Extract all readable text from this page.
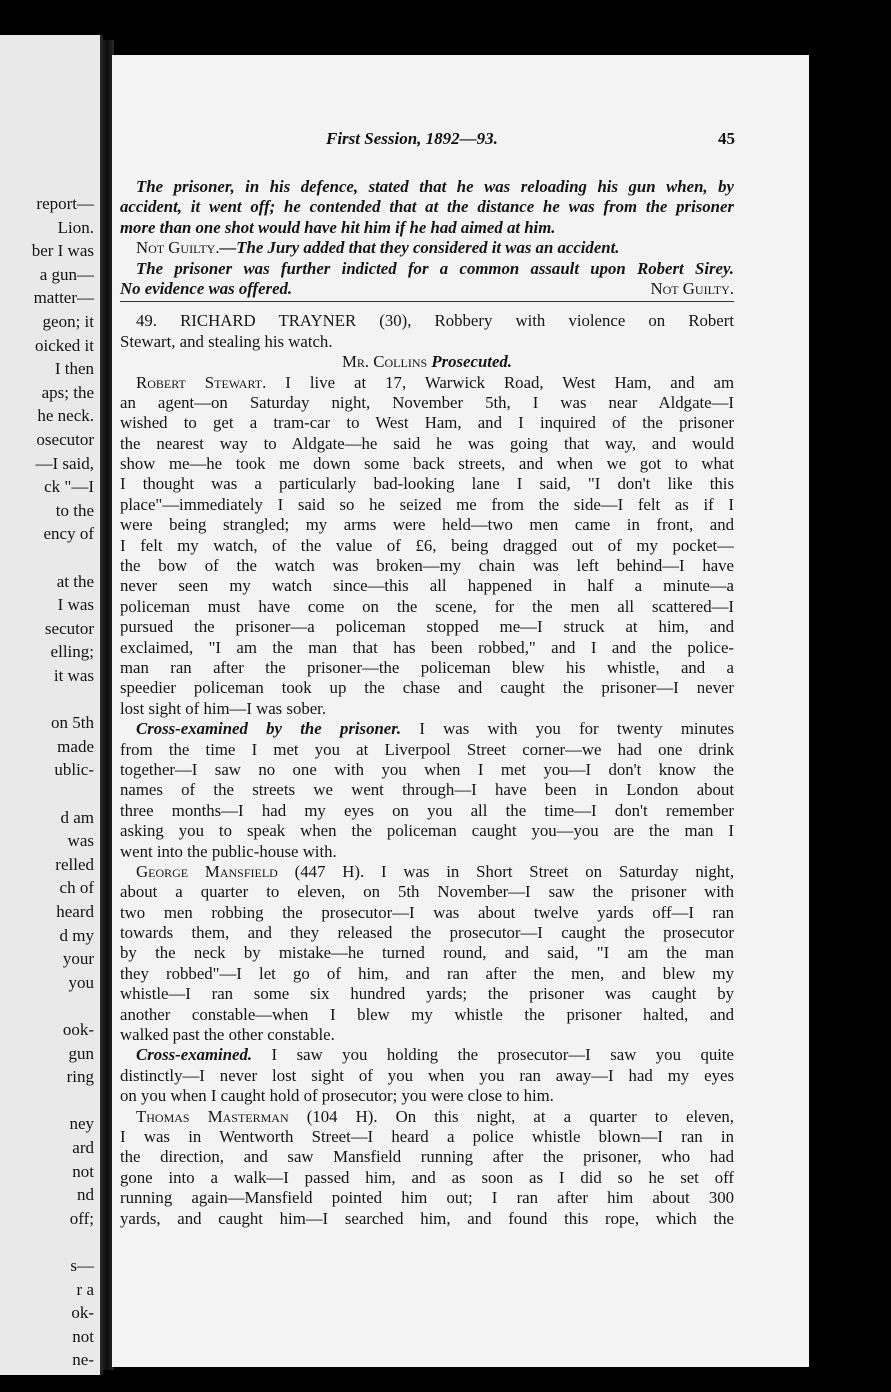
report—
Lion.
ber I was
a gun—
matter—
geon; it
oicked it
I then
aps; the
he neck.
osecutor
—I said,
ck "—I
to the
ency of
at the
I was
secutor
elling;
it was
on 5th
made
ublic-
d am
was
relled
ch of
heard
d my
your
you
ook-
gun
ring
ney
ard
not
nd
off;
s—
r a
ok-
not
ne-
First Session, 1892—93.	45
The prisoner, in his defence, stated that he was reloading his gun when, by
accident, it went off; he contended that at the distance he was from the prisoner
more than one shot would have hit him if he had aimed at him.
Not Guilty.—The Jury added that they considered it was an accident.
The prisoner was further indicted for a common assault upon Robert Sirey.
No evidence was offered.	Not Guilty.
49. RICHARD TRAYNER (30), Robbery with violence on Robert
Stewart, and stealing his watch.
Mr. Collins Prosecuted.
Robert Stewart. I live at 17, Warwick Road, West Ham, and am
an agent—on Saturday night, November 5th, I was near Aldgate—I
wished to get a tram-car to West Ham, and I inquired of the prisoner
the nearest way to Aldgate—he said he was going that way, and would
show me—he took me down some back streets, and when we got to what
I thought was a particularly bad-looking lane I said, "I don't like this
place"—immediately I said so he seized me from the side—I felt as if I
were being strangled; my arms were held—two men came in front, and
I felt my watch, of the value of £6, being dragged out of my pocket—
the bow of the watch was broken—my chain was left behind—I have
never seen my watch since—this all happened in half a minute—a
policeman must have come on the scene, for the men all scattered—I
pursued the prisoner—a policeman stopped me—I struck at him, and
exclaimed, "I am the man that has been robbed," and I and the police-
man ran after the prisoner—the policeman blew his whistle, and a
speedier policeman took up the chase and caught the prisoner—I never
lost sight of him—I was sober.
Cross-examined by the prisoner. I was with you for twenty minutes
from the time I met you at Liverpool Street corner—we had one drink
together—I saw no one with you when I met you—I don't know the
names of the streets we went through—I have been in London about
three months—I had my eyes on you all the time—I don't remember
asking you to speak when the policeman caught you—you are the man I
went into the public-house with.
George Mansfield (447 H). I was in Short Street on Saturday night,
about a quarter to eleven, on 5th November—I saw the prisoner with
two men robbing the prosecutor—I was about twelve yards off—I ran
towards them, and they released the prosecutor—I caught the prosecutor
by the neck by mistake—he turned round, and said, "I am the man
they robbed"—I let go of him, and ran after the men, and blew my
whistle—I ran some six hundred yards; the prisoner was caught by
another constable—when I blew my whistle the prisoner halted, and
walked past the other constable.
Cross-examined. I saw you holding the prosecutor—I saw you quite
distinctly—I never lost sight of you when you ran away—I had my eyes
on you when I caught hold of prosecutor; you were close to him.
Thomas Masterman (104 H). On this night, at a quarter to eleven,
I was in Wentworth Street—I heard a police whistle blown—I ran in
the direction, and saw Mansfield running after the prisoner, who had
gone into a walk—I passed him, and as soon as I did so he set off
running again—Mansfield pointed him out; I ran after him about 300
yards, and caught him—I searched him, and found this rope, which the
